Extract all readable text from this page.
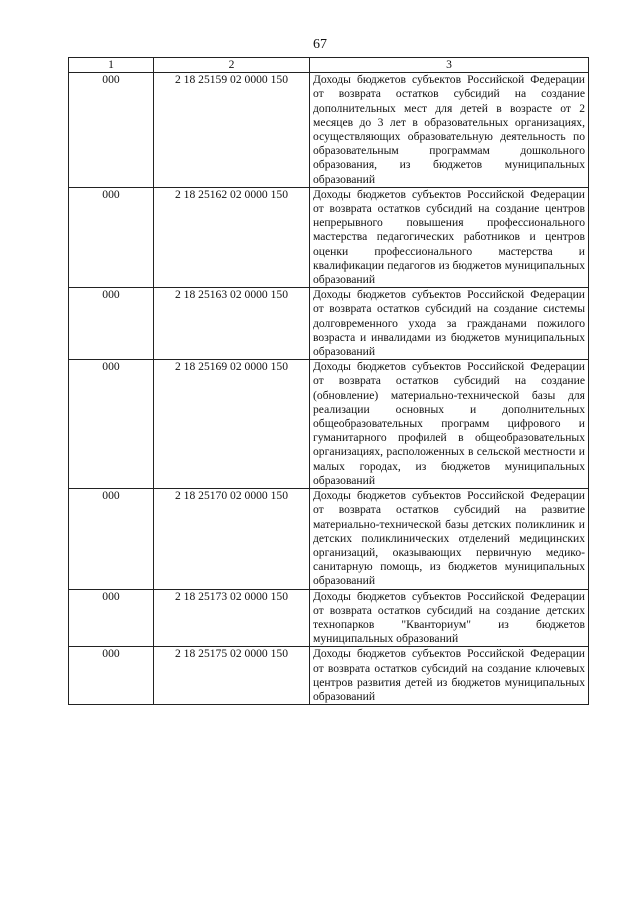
67
1	2	3
000	2 18 25159 02 0000 150	Доходы бюджетов субъектов Российской Федерации от возврата остатков субсидий на создание дополнительных мест для детей в возрасте от 2 месяцев до 3 лет в образовательных организациях, осуществляющих образовательную деятельность по образовательным программам дошкольного образования, из бюджетов муниципальных образований
000	2 18 25162 02 0000 150	Доходы бюджетов субъектов Российской Федерации от возврата остатков субсидий на создание центров непрерывного повышения профессионального мастерства педагогических работников и центров оценки профессионального мастерства и квалификации педагогов из бюджетов муниципальных образований
000	2 18 25163 02 0000 150	Доходы бюджетов субъектов Российской Федерации от возврата остатков субсидий на создание системы долговременного ухода за гражданами пожилого возраста и инвалидами из бюджетов муниципальных образований
000	2 18 25169 02 0000 150	Доходы бюджетов субъектов Российской Федерации от возврата остатков субсидий на создание (обновление) материально-технической базы для реализации основных и дополнительных общеобразовательных программ цифрового и гуманитарного профилей в общеобразовательных организациях, расположенных в сельской местности и малых городах, из бюджетов муниципальных образований
000	2 18 25170 02 0000 150	Доходы бюджетов субъектов Российской Федерации от возврата остатков субсидий на развитие материально-технической базы детских поликлиник и детских поликлинических отделений медицинских организаций, оказывающих первичную медико-санитарную помощь, из бюджетов муниципальных образований
000	2 18 25173 02 0000 150	Доходы бюджетов субъектов Российской Федерации от возврата остатков субсидий на создание детских технопарков "Кванториум" из бюджетов муниципальных образований
000	2 18 25175 02 0000 150	Доходы бюджетов субъектов Российской Федерации от возврата остатков субсидий на создание ключевых центров развития детей из бюджетов муниципальных образований
